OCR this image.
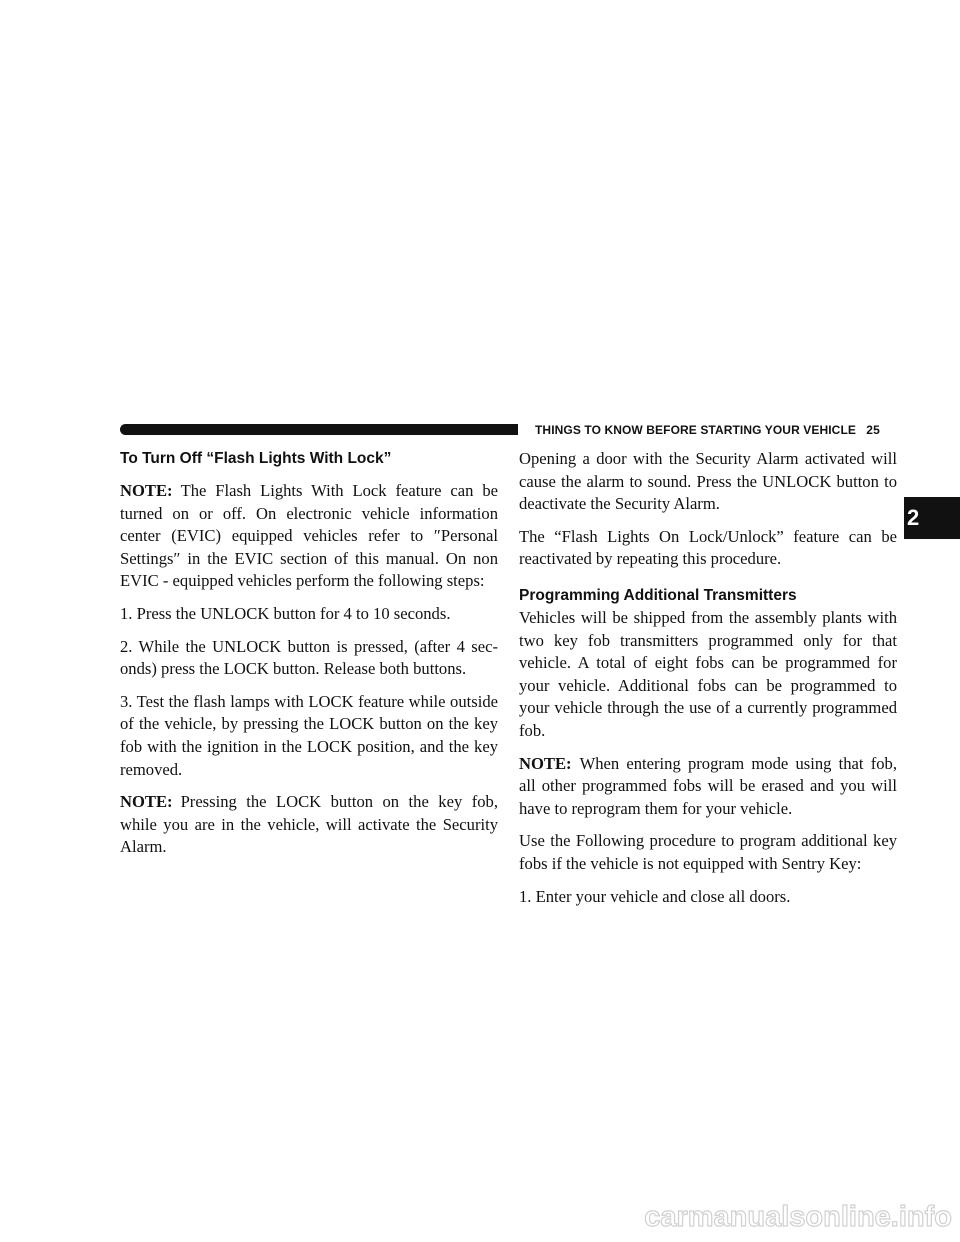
THINGS TO KNOW BEFORE STARTING YOUR VEHICLE 25
2
To Turn Off “Flash Lights With Lock”

NOTE: The Flash Lights With Lock feature can be turned on or off. On electronic vehicle information center (EVIC) equipped vehicles refer to ″Personal Settings″ in the EVIC section of this manual. On non EVIC - equipped vehicles perform the following steps:

1. Press the UNLOCK button for 4 to 10 seconds.

2. While the UNLOCK button is pressed, (after 4 sec-onds) press the LOCK button. Release both buttons.

3. Test the flash lamps with LOCK feature while outside of the vehicle, by pressing the LOCK button on the key fob with the ignition in the LOCK position, and the key removed.

NOTE: Pressing the LOCK button on the key fob, while you are in the vehicle, will activate the Security Alarm.

Opening a door with the Security Alarm activated will cause the alarm to sound. Press the UNLOCK button to deactivate the Security Alarm.

The “Flash Lights On Lock/Unlock” feature can be reactivated by repeating this procedure.

Programming Additional Transmitters

Vehicles will be shipped from the assembly plants with two key fob transmitters programmed only for that vehicle. A total of eight fobs can be programmed for your vehicle. Additional fobs can be programmed to your vehicle through the use of a currently programmed fob.

NOTE: When entering program mode using that fob, all other programmed fobs will be erased and you will have to reprogram them for your vehicle.

Use the Following procedure to program additional key fobs if the vehicle is not equipped with Sentry Key:

1. Enter your vehicle and close all doors.

carmanualsonline.info
